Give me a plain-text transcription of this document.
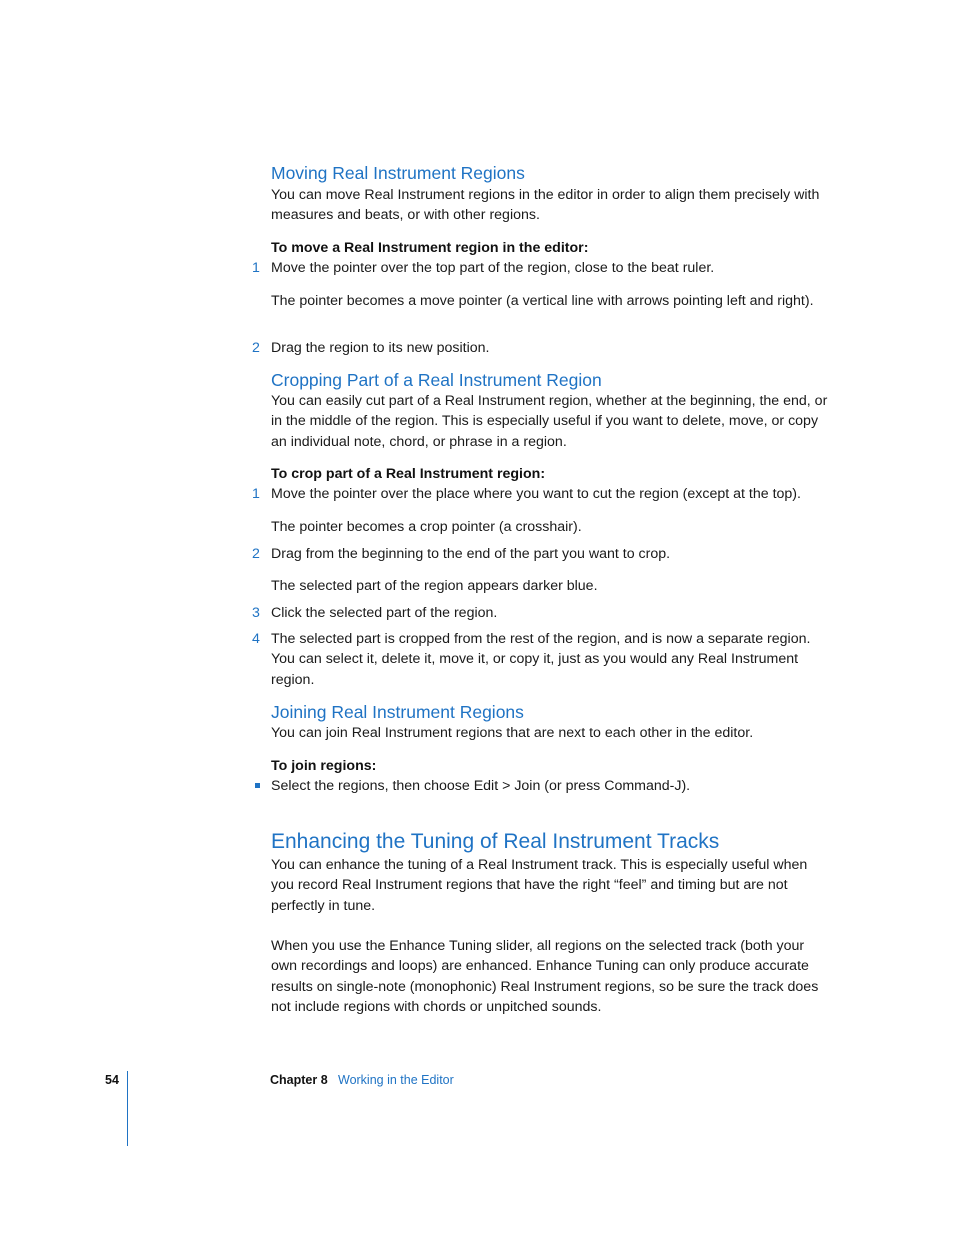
Moving Real Instrument Regions
You can move Real Instrument regions in the editor in order to align them precisely with measures and beats, or with other regions.
To move a Real Instrument region in the editor:
1 Move the pointer over the top part of the region, close to the beat ruler.
The pointer becomes a move pointer (a vertical line with arrows pointing left and right).
2 Drag the region to its new position.
Cropping Part of a Real Instrument Region
You can easily cut part of a Real Instrument region, whether at the beginning, the end, or in the middle of the region. This is especially useful if you want to delete, move, or copy an individual note, chord, or phrase in a region.
To crop part of a Real Instrument region:
1 Move the pointer over the place where you want to cut the region (except at the top).
The pointer becomes a crop pointer (a crosshair).
2 Drag from the beginning to the end of the part you want to crop.
The selected part of the region appears darker blue.
3 Click the selected part of the region.
4 The selected part is cropped from the rest of the region, and is now a separate region. You can select it, delete it, move it, or copy it, just as you would any Real Instrument region.
Joining Real Instrument Regions
You can join Real Instrument regions that are next to each other in the editor.
To join regions:
Select the regions, then choose Edit > Join (or press Command-J).
Enhancing the Tuning of Real Instrument Tracks
You can enhance the tuning of a Real Instrument track. This is especially useful when you record Real Instrument regions that have the right “feel” and timing but are not perfectly in tune.
When you use the Enhance Tuning slider, all regions on the selected track (both your own recordings and loops) are enhanced. Enhance Tuning can only produce accurate results on single-note (monophonic) Real Instrument regions, so be sure the track does not include regions with chords or unpitched sounds.
54	Chapter 8 Working in the Editor
